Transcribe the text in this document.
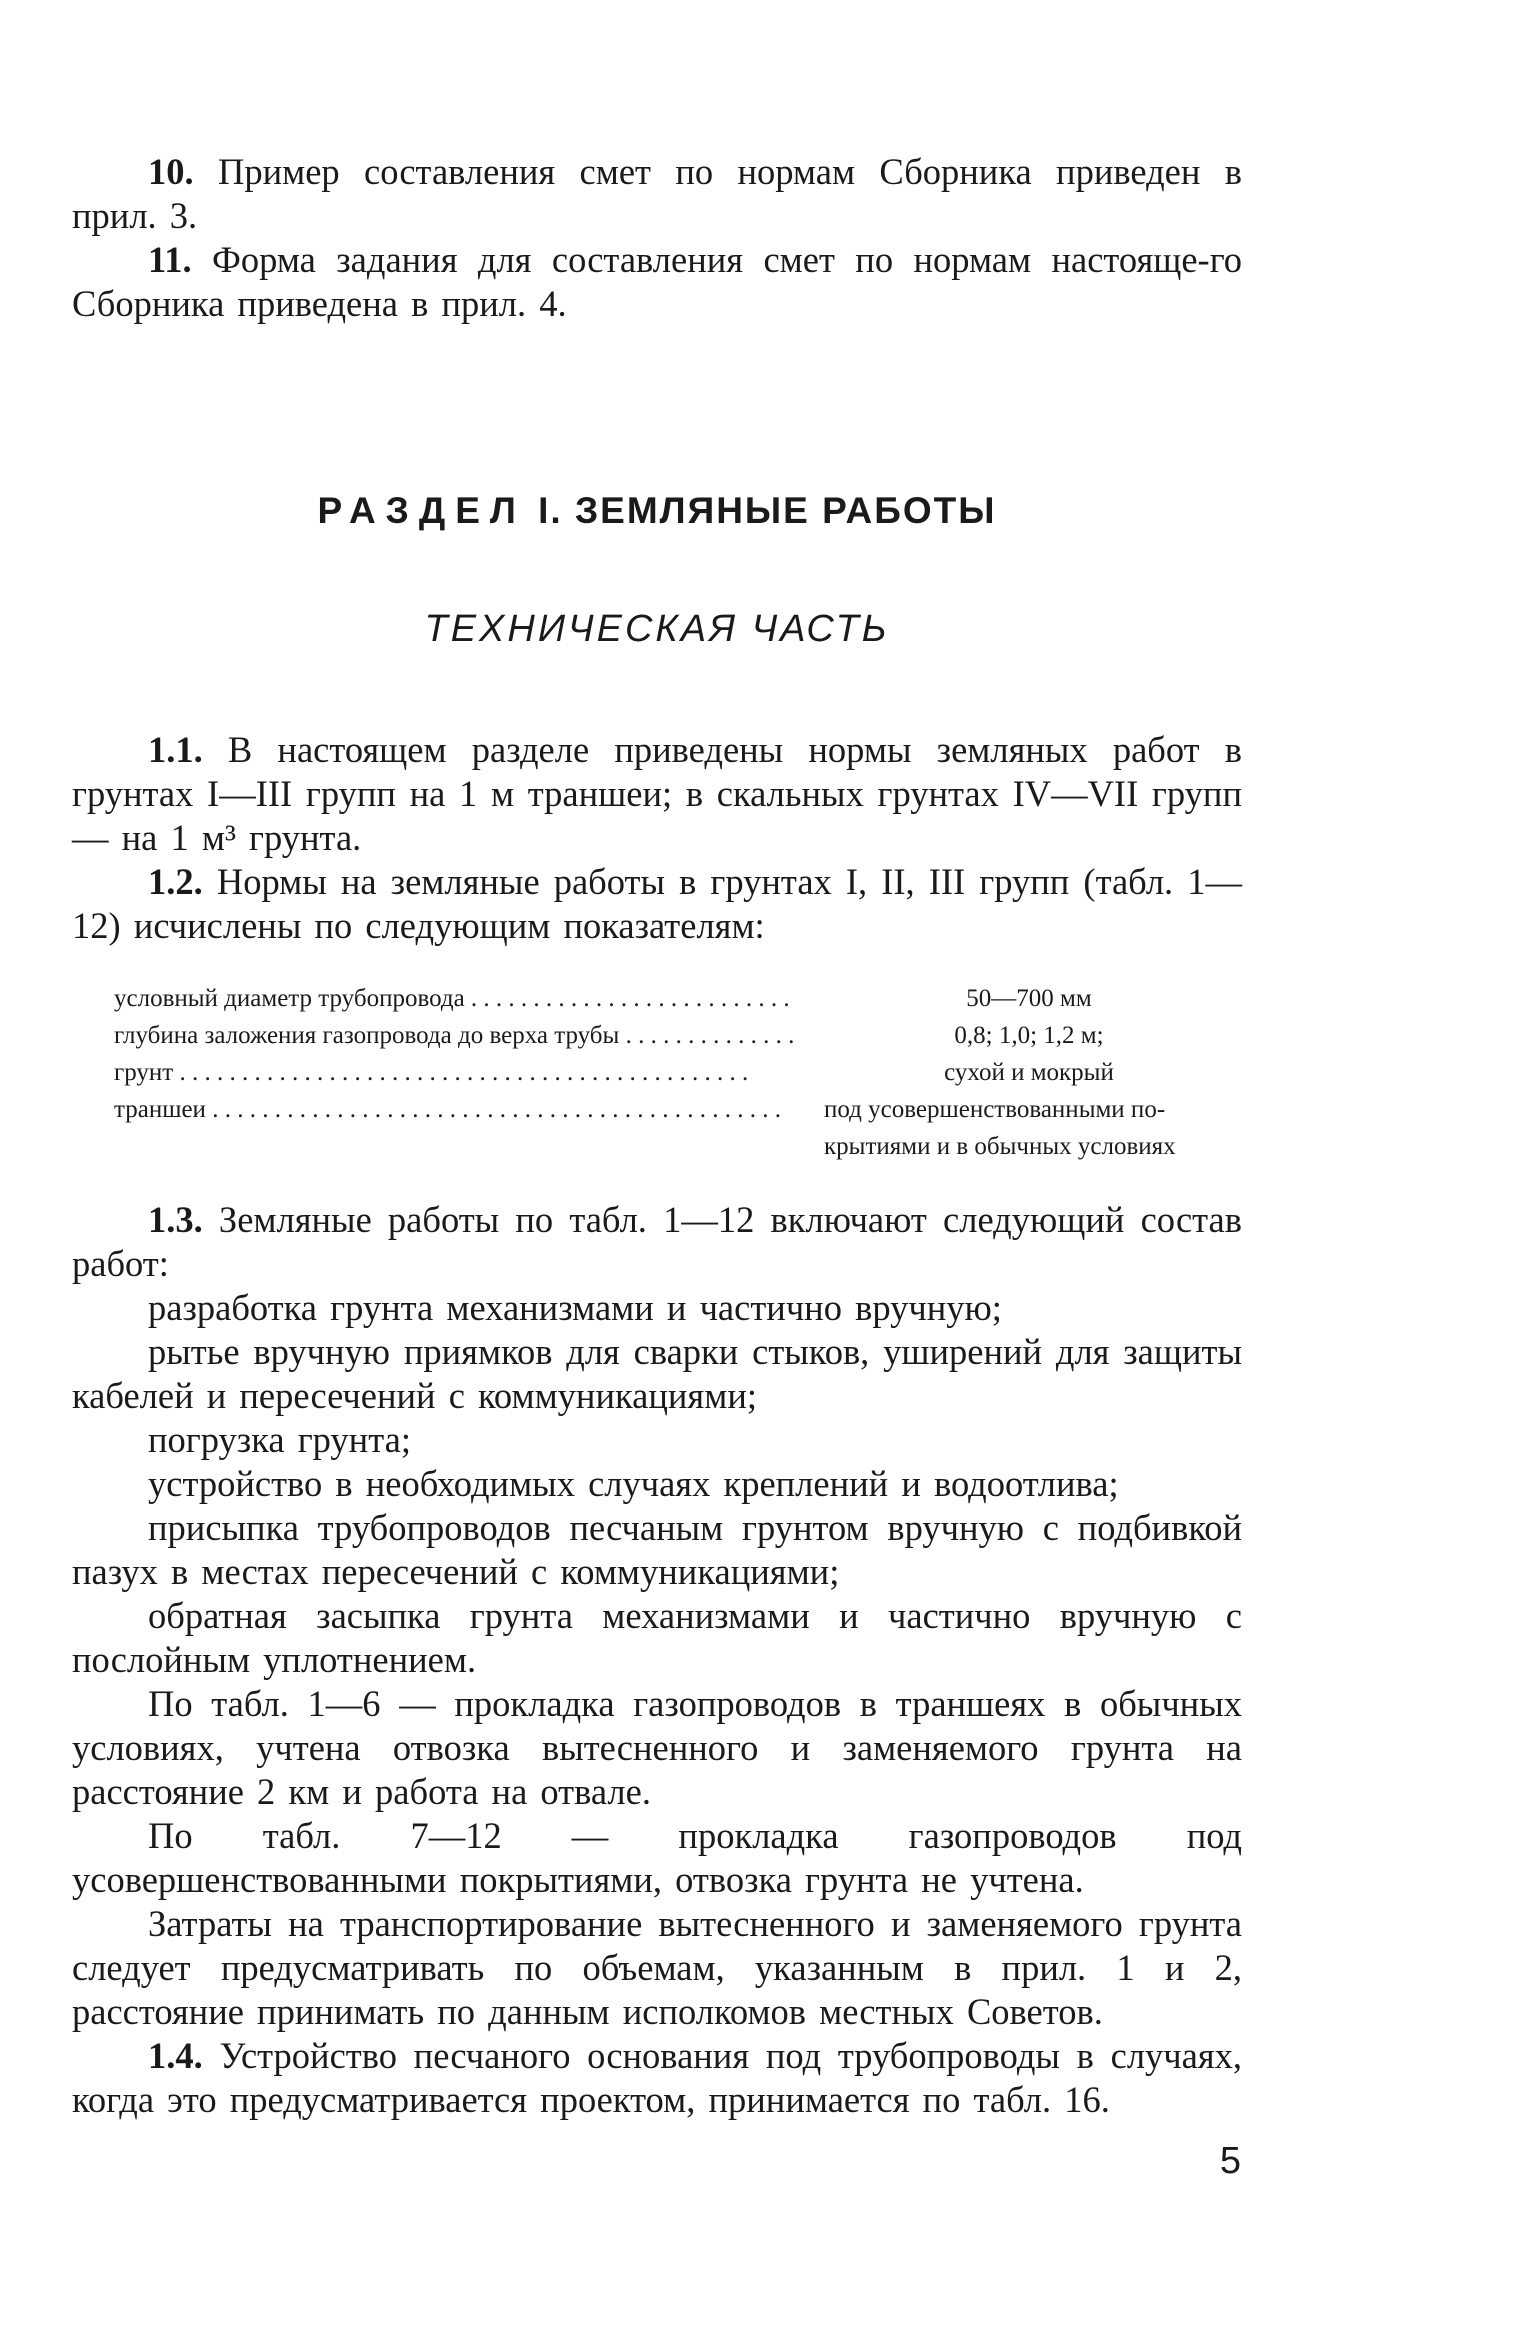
10. Пример составления смет по нормам Сборника приведен в прил. 3.

11. Форма задания для составления смет по нормам настояще-го Сборника приведена в прил. 4.

РАЗДЕЛ I. ЗЕМЛЯНЫЕ РАБОТЫ
ТЕХНИЧЕСКАЯ ЧАСТЬ

1.1. В настоящем разделе приведены нормы земляных работ в грунтах I—III групп на 1 м траншеи; в скальных грунтах IV—VII групп — на 1 м³ грунта.

1.2. Нормы на земляные работы в грунтах I, II, III групп (табл. 1—12) исчислены по следующим показателям:

условный диаметр трубопровода . . .	50—700 мм
глубина заложения газопровода до верха трубы . . .	0,8; 1,0; 1,2 м;
грунт . . .	сухой и мокрый
траншеи . . .	под усовершенствованными по-крытиями и в обычных условиях

1.3. Земляные работы по табл. 1—12 включают следующий состав работ:

разработка грунта механизмами и частично вручную;

рытье вручную приямков для сварки стыков, уширений для защиты кабелей и пересечений с коммуникациями;

погрузка грунта;

устройство в необходимых случаях креплений и водоотлива;

присыпка трубопроводов песчаным грунтом вручную с подбивкой пазух в местах пересечений с коммуникациями;

обратная засыпка грунта механизмами и частично вручную с послойным уплотнением.

По табл. 1—6 — прокладка газопроводов в траншеях в обычных условиях, учтена отвозка вытесненного и заменяемого грунта на расстояние 2 км и работа на отвале.

По табл. 7—12 — прокладка газопроводов под усовершенствованными покрытиями, отвозка грунта не учтена.

Затраты на транспортирование вытесненного и заменяемого грунта следует предусматривать по объемам, указанным в прил. 1 и 2, расстояние принимать по данным исполкомов местных Советов.

1.4. Устройство песчаного основания под трубопроводы в случаях, когда это предусматривается проектом, принимается по табл. 16.

5
